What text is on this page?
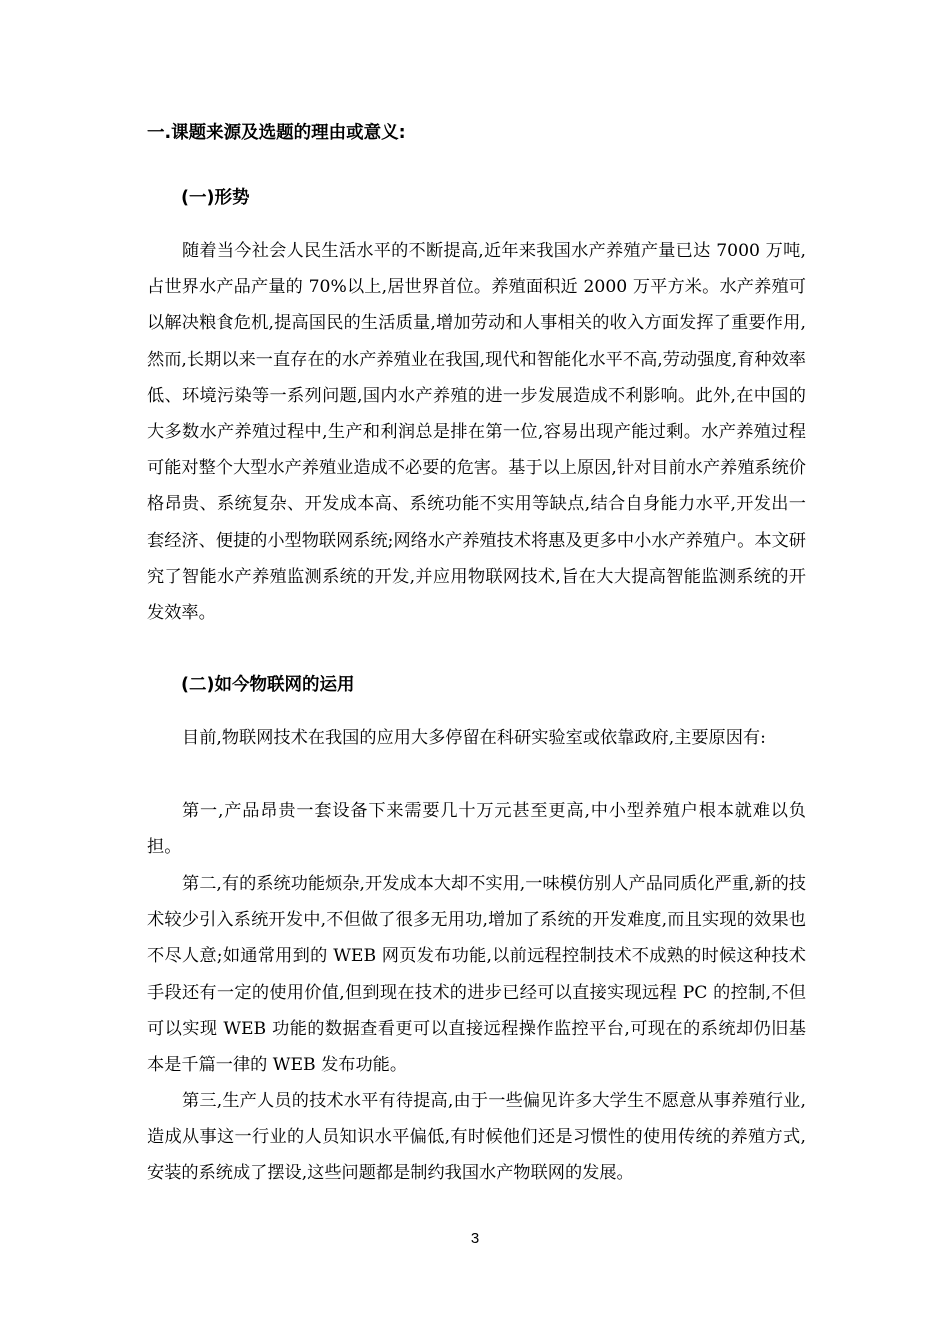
一.课题来源及选题的理由或意义:
(一)形势

随着当今社会人民生活水平的不断提高,近年来我国水产养殖产量已达 7000 万吨,占世界水产品产量的 70%以上,居世界首位。养殖面积近 2000 万平方米。水产养殖可以解决粮食危机,提高国民的生活质量,增加劳动和人事相关的收入方面发挥了重要作用,然而,长期以来一直存在的水产养殖业在我国,现代和智能化水平不高,劳动强度,育种效率低、环境污染等一系列问题,国内水产养殖的进一步发展造成不利影响。此外,在中国的大多数水产养殖过程中,生产和利润总是排在第一位,容易出现产能过剩。水产养殖过程可能对整个大型水产养殖业造成不必要的危害。基于以上原因,针对目前水产养殖系统价格昂贵、系统复杂、开发成本高、系统功能不实用等缺点,结合自身能力水平,开发出一套经济、便捷的小型物联网系统;网络水产养殖技术将惠及更多中小水产养殖户。本文研究了智能水产养殖监测系统的开发,并应用物联网技术,旨在大大提高智能监测系统的开发效率。

(二)如今物联网的运用

目前,物联网技术在我国的应用大多停留在科研实验室或依靠政府,主要原因有:

第一,产品昂贵一套设备下来需要几十万元甚至更高,中小型养殖户根本就难以负担。

第二,有的系统功能烦杂,开发成本大却不实用,一味模仿别人产品同质化严重,新的技术较少引入系统开发中,不但做了很多无用功,增加了系统的开发难度,而且实现的效果也不尽人意;如通常用到的 WEB 网页发布功能,以前远程控制技术不成熟的时候这种技术手段还有一定的使用价值,但到现在技术的进步已经可以直接实现远程 PC 的控制,不但可以实现 WEB 功能的数据查看更可以直接远程操作监控平台,可现在的系统却仍旧基本是千篇一律的 WEB 发布功能。

第三,生产人员的技术水平有待提高,由于一些偏见许多大学生不愿意从事养殖行业,造成从事这一行业的人员知识水平偏低,有时候他们还是习惯性的使用传统的养殖方式,安装的系统成了摆设,这些问题都是制约我国水产物联网的发展。

3
